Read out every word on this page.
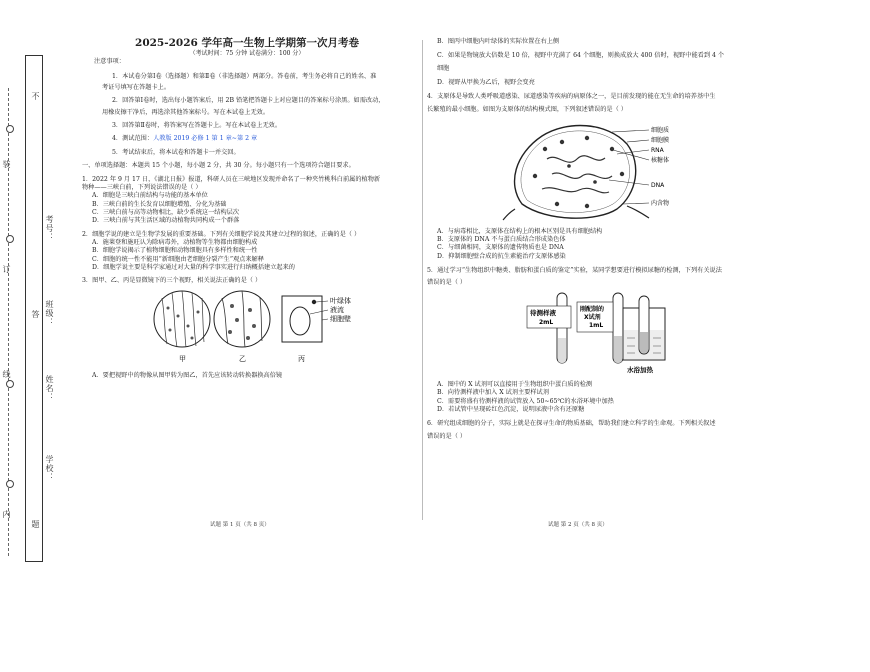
装
订
线
内
不
答
题
考号：
班级：
姓名：
学校：

2025-2026 学年高一生物上学期第一次月考卷

（考试时间：75 分钟 试卷满分：100 分）

注意事项：

1．本试卷分第Ⅰ卷（选择题）和第Ⅱ卷（非选择题）两部分。答卷前，考生务必将自己的姓名、准

考证号填写在答题卡上。

2．回答第Ⅰ卷时，选出每小题答案后，用 2B 铅笔把答题卡上对应题目的答案标号涂黑。如需改动，

用橡皮擦干净后，再选涂其他答案标号。写在本试卷上无效。

3．回答第Ⅱ卷时，将答案写在答题卡上。写在本试卷上无效。

4．测试范围：人教版 2019 必修 1 第 1 章~第 2 章

5．考试结束后，将本试卷和答题卡一并交回。

一、单项选择题：本题共 15 个小题，每小题 2 分，共 30 分。每小题只有一个选项符合题目要求。

1．2022 年 9 月 17 日，《湖北日报》报道，科研人员在三峡地区发现并命名了一种夹竹桃科白前属的植物新

物种——三峡白前，下列说法错误的是（ ）

A．细胞是三峡白前结构与功能的基本单位

B．三峡白前的生长发育以细胞增殖、分化为基础

C．三峡白前与高等动物相比，缺少系统这一结构层次

D．三峡白前与其生活区域的动植物共同构成一个群落

2．细胞学说的建立是生物学发展的重要基础。下列有关细胞学说及其建立过程的叙述，正确的是（ ）

A．施莱登和施旺认为除病毒外，动植物等生物都由细胞构成

B．细胞学说揭示了植物细胞和动物细胞具有多样性和统一性

C．细胞的统一性不能用“新细胞由老细胞分裂产生”观点来解释

D．细胞学说主要是科学家通过对大量的科学事实进行归纳概括建立起来的

3．图甲、乙、丙是显微镜下的三个视野，相关说法正确的是（ ）

甲	乙
叶绿体
液流
细胞壁
丙

A．要把视野中的物像从图甲转为图乙，首先应该转动转换器换高倍镜

试题 第 1 页（共 8 页）

B．图丙中细胞内叶绿体的实际位置在右上侧

C．如果是物镜放大倍数是 10 倍，视野中充满了 64 个细胞，则换成放大 400 倍时，视野中能看到 4 个

细胞

D．视野从甲换为乙后，视野会变亮

4．支原体是导致人类呼吸道感染、尿道感染等疾病的病原体之一，是目前发现的能在无生命的培养基中生

长繁殖的最小细胞。如图为支原体的结构模式图，下列叙述错误的是（ ）

细胞质
细胞膜
RNA
核糖体
DNA
内含物

A．与病毒相比，支原体在结构上的根本区别是具有细胞结构

B．支原体的 DNA 不与蛋白质结合形成染色体

C．与细菌相同，支原体的遗传物质也是 DNA

D．抑制细胞壁合成的抗生素能治疗支原体感染

5．通过学习“生物组织中糖类、脂肪和蛋白质的鉴定”实验，某同学想要进行模拟尿糖的检测，下列有关说法

错误的是（ ）

待测样液
2mL
刚配制的
X试剂
1mL
水浴加热

A．图中的 X 试剂可以直接用于生物组织中蛋白质的检测

B．向待测样液中加入 X 试剂主要样试剂

C．需要将盛有待测样液的试管放入 50~65℃的水浴环境中加热

D．若试管中呈现砖红色沉淀，说明尿液中含有还原糖

6．研究组成细胞的分子，实际上就是在探寻生命的物质基础，帮助我们建立科学的生命观。下列相关叙述

错误的是（ ）

试题 第 2 页（共 8 页）
